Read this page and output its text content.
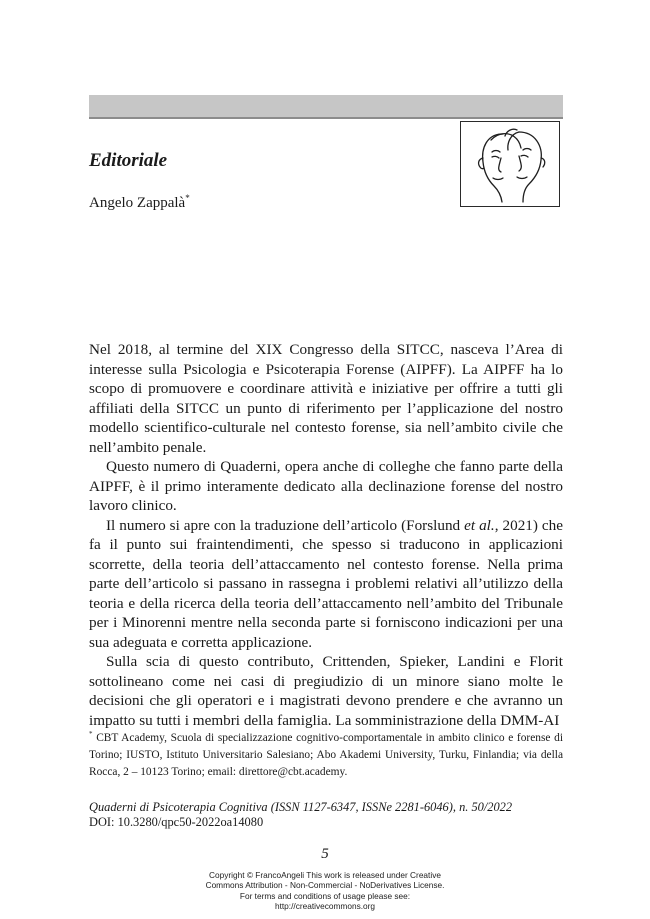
Editoriale
Angelo Zappalà*

Nel 2018, al termine del XIX Congresso della SITCC, nasceva l’Area di interesse sulla Psicologia e Psicoterapia Forense (AIPFF). La AIPFF ha lo scopo di promuovere e coordinare attività e iniziative per offrire a tutti gli affiliati della SITCC un punto di riferimento per l’applicazione del nostro modello scientifico-culturale nel contesto forense, sia nell’ambito civile che nell’ambito penale.

Questo numero di Quaderni, opera anche di colleghe che fanno parte della AIPFF, è il primo interamente dedicato alla declinazione forense del nostro lavoro clinico.

Il numero si apre con la traduzione dell’articolo (Forslund et al., 2021) che fa il punto sui fraintendimenti, che spesso si traducono in applicazioni scorrette, della teoria dell’attaccamento nel contesto forense. Nella prima parte dell’articolo si passano in rassegna i problemi relativi all’utilizzo della teoria e della ricerca della teoria dell’attaccamento nell’ambito del Tribunale per i Minorenni mentre nella seconda parte si forniscono indicazioni per una sua adeguata e corretta applicazione.

Sulla scia di questo contributo, Crittenden, Spieker, Landini e Florit sottolineano come nei casi di pregiudizio di un minore siano molte le decisioni che gli operatori e i magistrati devono prendere e che avranno un impatto su tutti i membri della famiglia. La somministrazione della DMM-AI

* CBT Academy, Scuola di specializzazione cognitivo-comportamentale in ambito clinico e forense di Torino; IUSTO, Istituto Universitario Salesiano; Abo Akademi University, Turku, Finlandia; via della Rocca, 2 – 10123 Torino; email: direttore@cbt.academy.
Quaderni di Psicoterapia Cognitiva (ISSN 1127-6347, ISSNe 2281-6046), n. 50/2022
DOI: 10.3280/qpc50-2022oa14080
5
Copyright © FrancoAngeli This work is released under Creative
Commons Attribution - Non-Commercial - NoDerivatives License.
For terms and conditions of usage please see:
http://creativecommons.org
